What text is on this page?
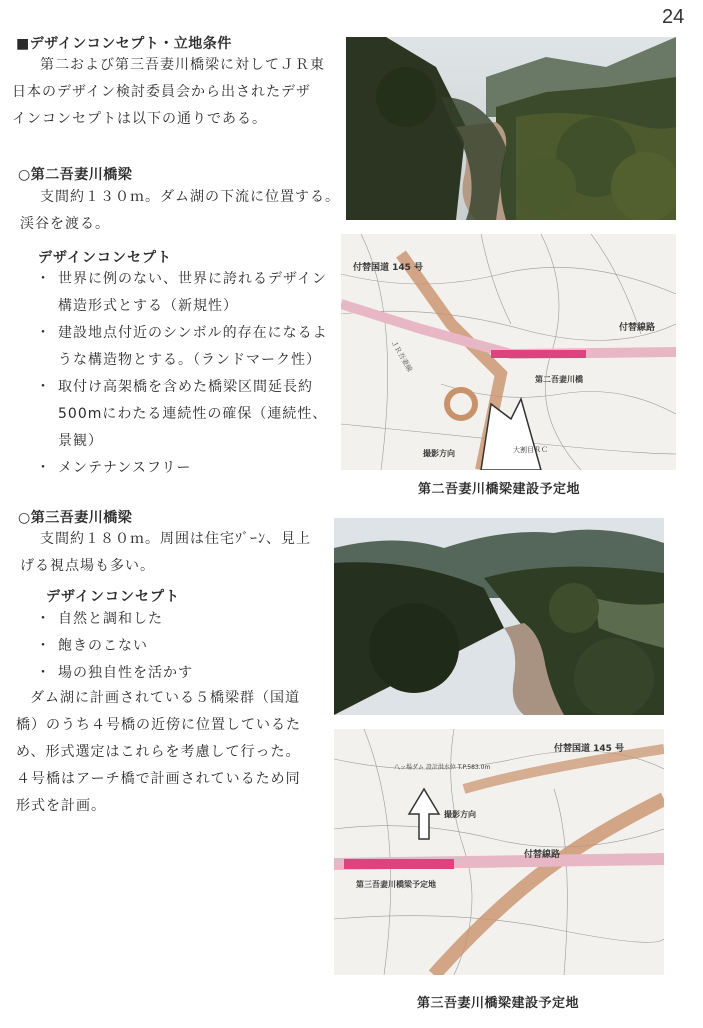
24
■デザインコンセプト・立地条件
第二および第三吾妻川橋梁に対してＪＲ東
日本のデザイン検討委員会から出されたデザ
インコンセプトは以下の通りである。
○第二吾妻川橋梁
支間約１３０ｍ。ダム湖の下流に位置する。
渓谷を渡る。
デザインコンセプト
・ 世界に例のない、世界に誇れるデザイン
構造形式とする（新規性）
・ 建設地点付近のシンボル的存在になるよ
うな構造物とする。（ランドマーク性）
・ 取付け高架橋を含めた橋梁区間延長約
500mにわたる連続性の確保（連続性、
景観）
・ メンテナンスフリー
付替国道 145 号
付替線路
第二吾妻川橋
撮影方向	大割目ＲＣ
ＪＲ吾妻線
第二吾妻川橋梁建設予定地
○第三吾妻川橋梁
支間約１８０ｍ。周囲は住宅ｿﾞｰﾝ、見上
げる視点場も多い。
デザインコンセプト
・ 自然と調和した
・ 飽きのこない
・ 場の独自性を活かす
ダム湖に計画されている５橋梁群（国道
橋）のうち４号橋の近傍に位置しているた
め、形式選定はこれらを考慮して行った。
４号橋はアーチ橋で計画されているため同
形式を計画。
付替国道 145 号
付替線路
第三吾妻川橋梁予定地
撮影方向
八ッ場ダム 設計洪水位 T.P.583.0m
第三吾妻川橋梁建設予定地
